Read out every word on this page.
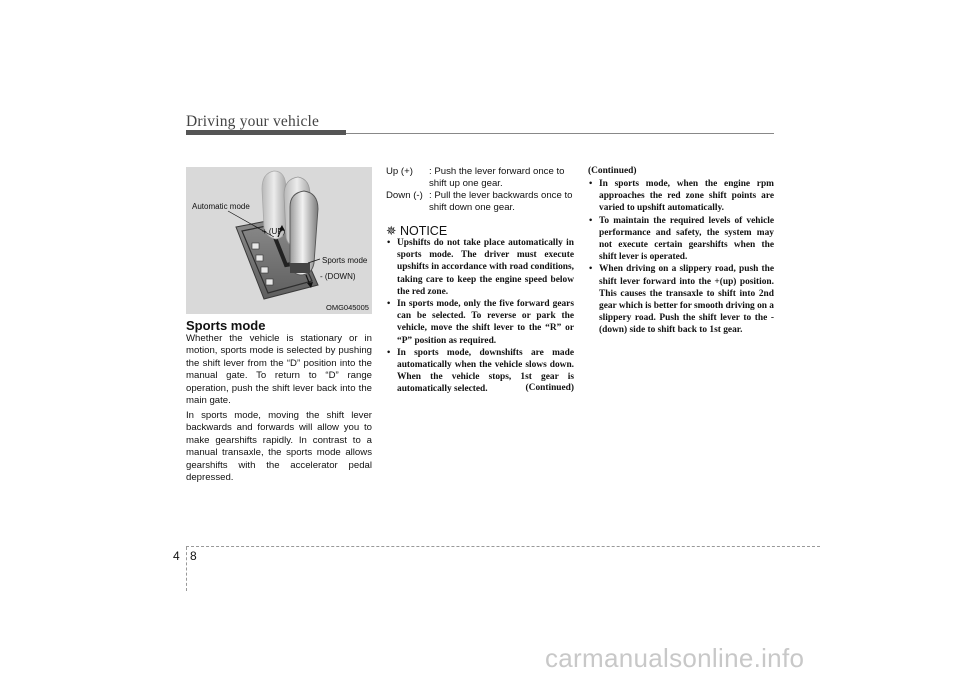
Driving your vehicle
Automatic mode
+ (UP)
Sports mode
- (DOWN)
OMG045005
Sports mode
Whether the vehicle is stationary or in motion, sports mode is selected by pushing the shift lever from the “D” position into the manual gate. To return to “D” range operation, push the shift lever back into the main gate.
In sports mode, moving the shift lever backwards and forwards will allow you to make gearshifts rapidly. In contrast to a manual transaxle, the sports mode allows gearshifts with the accelerator pedal depressed.
Up (+) : Push the lever forward once to shift up one gear.
Down (-) : Pull the lever backwards once to shift down one gear.
✵ NOTICE
• Upshifts do not take place automatically in sports mode. The driver must execute upshifts in accordance with road conditions, taking care to keep the engine speed below the red zone.
• In sports mode, only the five forward gears can be selected. To reverse or park the vehicle, move the shift lever to the “R” or “P” position as required.
• In sports mode, downshifts are made automatically when the vehicle slows down. When the vehicle stops, 1st gear is automatically selected.	(Continued)
(Continued)
• In sports mode, when the engine rpm approaches the red zone shift points are varied to upshift automatically.
• To maintain the required levels of vehicle performance and safety, the system may not execute certain gearshifts when the shift lever is operated.
• When driving on a slippery road, push the shift lever forward into the +(up) position. This causes the transaxle to shift into 2nd gear which is better for smooth driving on a slippery road. Push the shift lever to the - (down) side to shift back to 1st gear.
4 8
carmanualsonline.info
